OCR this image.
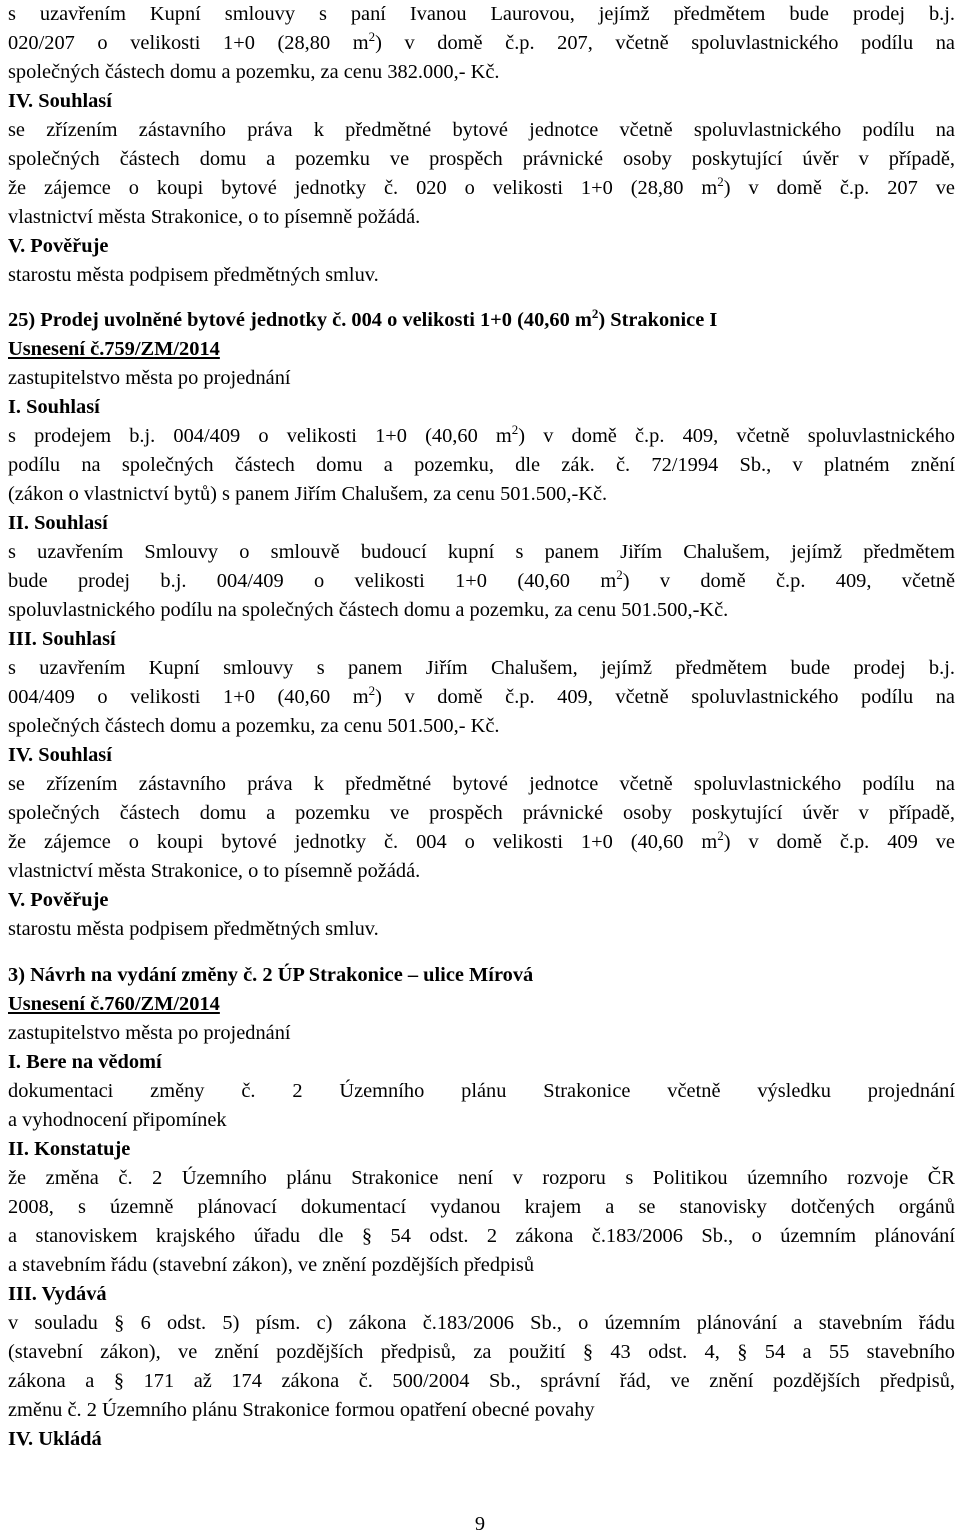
s uzavřením Kupní smlouvy s paní Ivanou Laurovou, jejímž předmětem bude prodej b.j.
020/207 o velikosti 1+0 (28,80 $m^2$) v domě č.p. 207, včetně spoluvlastnického podílu na
společných částech domu a pozemku, za cenu 382.000,- Kč.
IV. Souhlasí
se zřízením zástavního práva k předmětné bytové jednotce včetně spoluvlastnického podílu na
společných částech domu a pozemku ve prospěch právnické osoby poskytující úvěr v případě,
že zájemce o koupi bytové jednotky č. 020 o velikosti 1+0 (28,80 $m^2$) v domě č.p. 207 ve
vlastnictví města Strakonice, o to písemně požádá.
V. Pověřuje
starostu města podpisem předmětných smluv.
25) Prodej uvolněné bytové jednotky č. 004 o velikosti 1+0 (40,60 $m^2$) Strakonice I
Usnesení č.759/ZM/2014
zastupitelstvo města po projednání
I. Souhlasí
s prodejem b.j. 004/409 o velikosti 1+0 (40,60 $m^2$) v domě č.p. 409, včetně spoluvlastnického
podílu na společných částech domu a pozemku, dle zák. č. 72/1994 Sb., v platném znění
(zákon o vlastnictví bytů) s panem Jiřím Chalušem, za cenu 501.500,-Kč.
II. Souhlasí
s uzavřením Smlouvy o smlouvě budoucí kupní s panem Jiřím Chalušem, jejímž předmětem
bude prodej b.j. 004/409 o velikosti 1+0 (40,60 $m^2$) v domě č.p. 409, včetně
spoluvlastnického podílu na společných částech domu a pozemku, za cenu 501.500,-Kč.
III. Souhlasí
s uzavřením Kupní smlouvy s panem Jiřím Chalušem, jejímž předmětem bude prodej b.j.
004/409 o velikosti 1+0 (40,60 $m^2$) v domě č.p. 409, včetně spoluvlastnického podílu na
společných částech domu a pozemku, za cenu 501.500,- Kč.
IV. Souhlasí
se zřízením zástavního práva k předmětné bytové jednotce včetně spoluvlastnického podílu na
společných částech domu a pozemku ve prospěch právnické osoby poskytující úvěr v případě,
že zájemce o koupi bytové jednotky č. 004 o velikosti 1+0 (40,60 $m^2$) v domě č.p. 409 ve
vlastnictví města Strakonice, o to písemně požádá.
V. Pověřuje
starostu města podpisem předmětných smluv.
3) Návrh na vydání změny č. 2 ÚP Strakonice – ulice Mírová
Usnesení č.760/ZM/2014
zastupitelstvo města po projednání
I. Bere na vědomí
dokumentaci změny č. 2 Územního plánu Strakonice včetně výsledku projednání
a vyhodnocení připomínek
II. Konstatuje
že změna č. 2 Územního plánu Strakonice není v rozporu s Politikou územního rozvoje ČR
2008, s územně plánovací dokumentací vydanou krajem a se stanovisky dotčených orgánů
a stanoviskem krajského úřadu dle § 54 odst. 2 zákona č.183/2006 Sb., o územním plánování
a stavebním řádu (stavební zákon), ve znění pozdějších předpisů
III. Vydává
v souladu § 6 odst. 5) písm. c) zákona č.183/2006 Sb., o územním plánování a stavebním řádu
(stavební zákon), ve znění pozdějších předpisů, za použití § 43 odst. 4, § 54 a 55 stavebního
zákona a § 171 až 174 zákona č. 500/2004 Sb., správní řád, ve znění pozdějších předpisů,
změnu č. 2 Územního plánu Strakonice formou opatření obecné povahy
IV. Ukládá
9
